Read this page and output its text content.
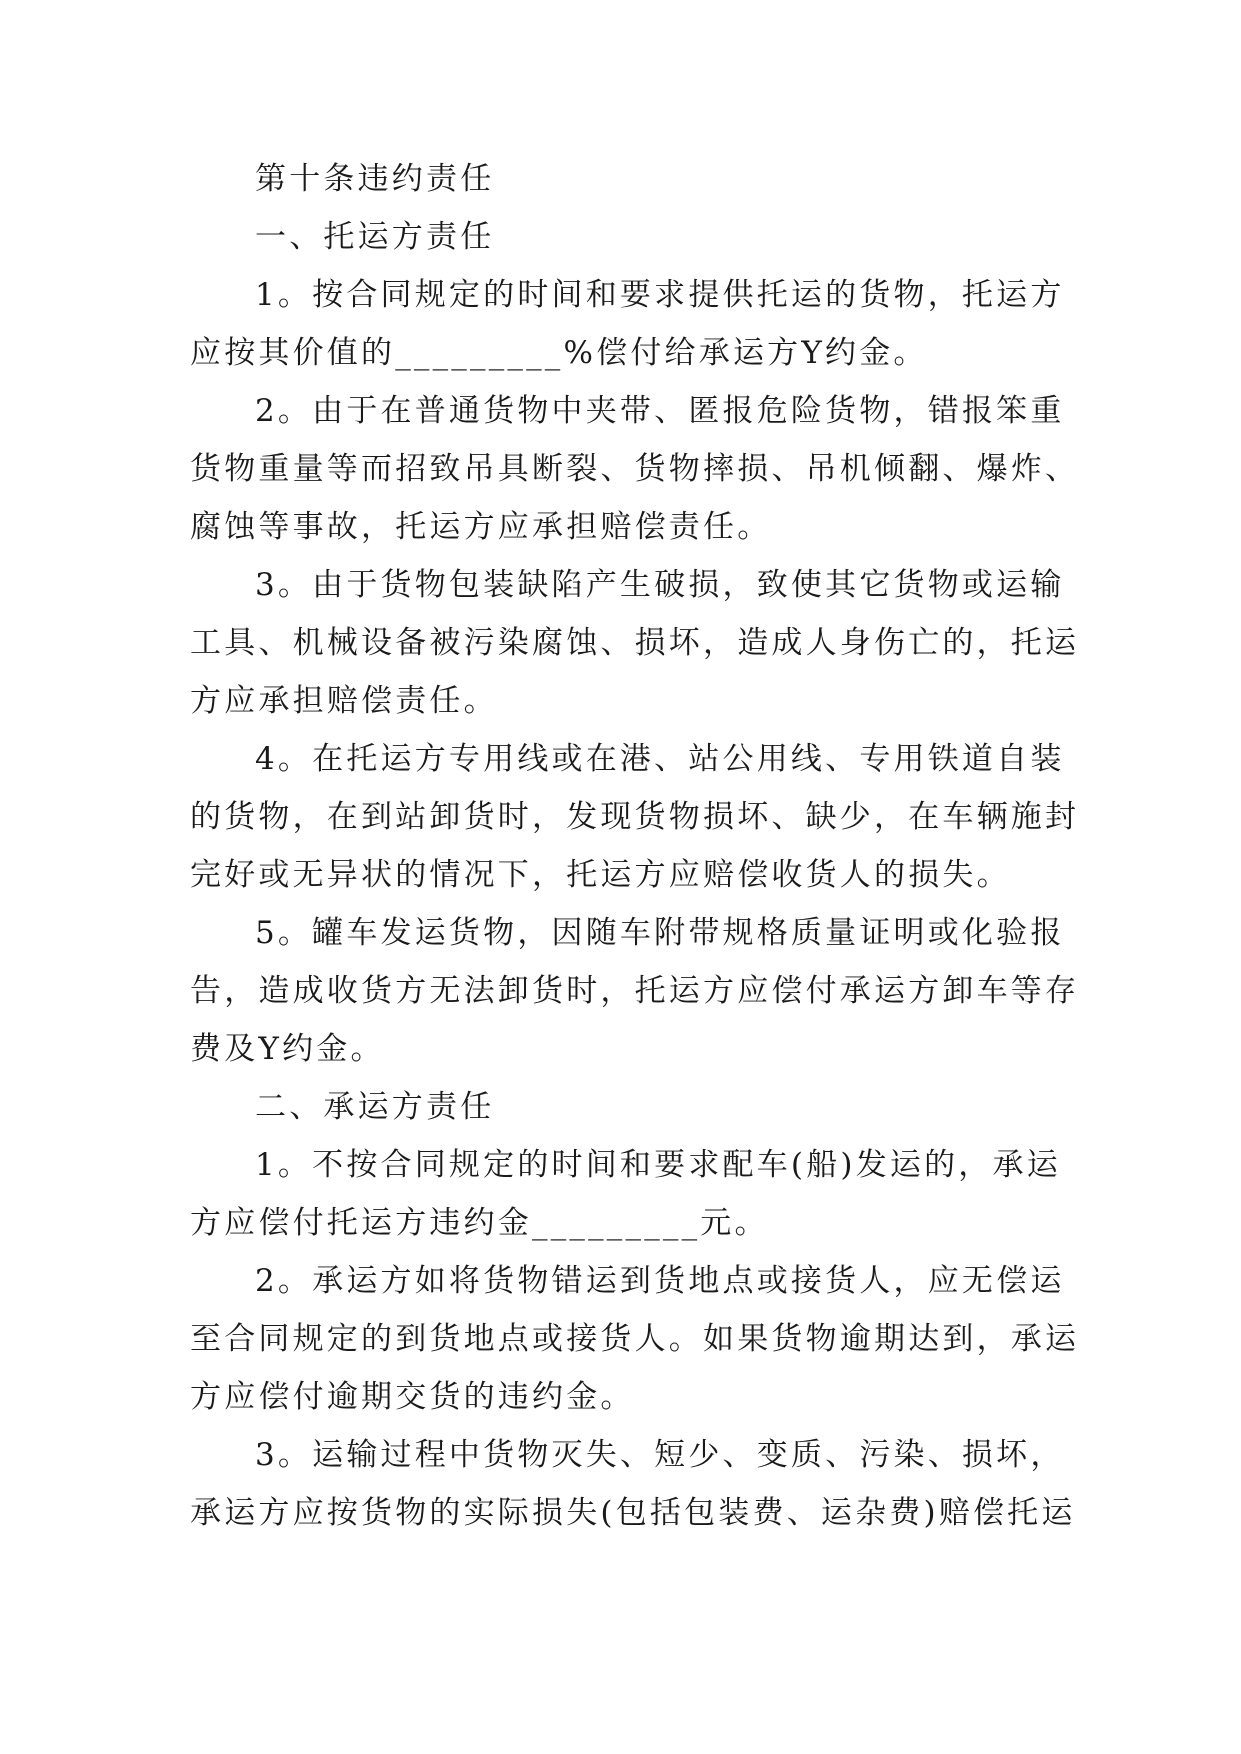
第十条违约责任

一、托运方责任

1。按合同规定的时间和要求提供托运的货物，托运方

应按其价值的_________%偿付给承运方Y约金。

2。由于在普通货物中夹带、匿报危险货物，错报笨重

货物重量等而招致吊具断裂、货物摔损、吊机倾翻、爆炸、

腐蚀等事故，托运方应承担赔偿责任。

3。由于货物包装缺陷产生破损，致使其它货物或运输

工具、机械设备被污染腐蚀、损坏，造成人身伤亡的，托运

方应承担赔偿责任。

4。在托运方专用线或在港、站公用线、专用铁道自装

的货物，在到站卸货时，发现货物损坏、缺少，在车辆施封

完好或无异状的情况下，托运方应赔偿收货人的损失。

5。罐车发运货物，因随车附带规格质量证明或化验报

告，造成收货方无法卸货时，托运方应偿付承运方卸车等存

费及Y约金。

二、承运方责任

1。不按合同规定的时间和要求配车(船)发运的，承运

方应偿付托运方违约金_________元。

2。承运方如将货物错运到货地点或接货人，应无偿运

至合同规定的到货地点或接货人。如果货物逾期达到，承运

方应偿付逾期交货的违约金。

3。运输过程中货物灭失、短少、变质、污染、损坏，

承运方应按货物的实际损失(包括包装费、运杂费)赔偿托运
